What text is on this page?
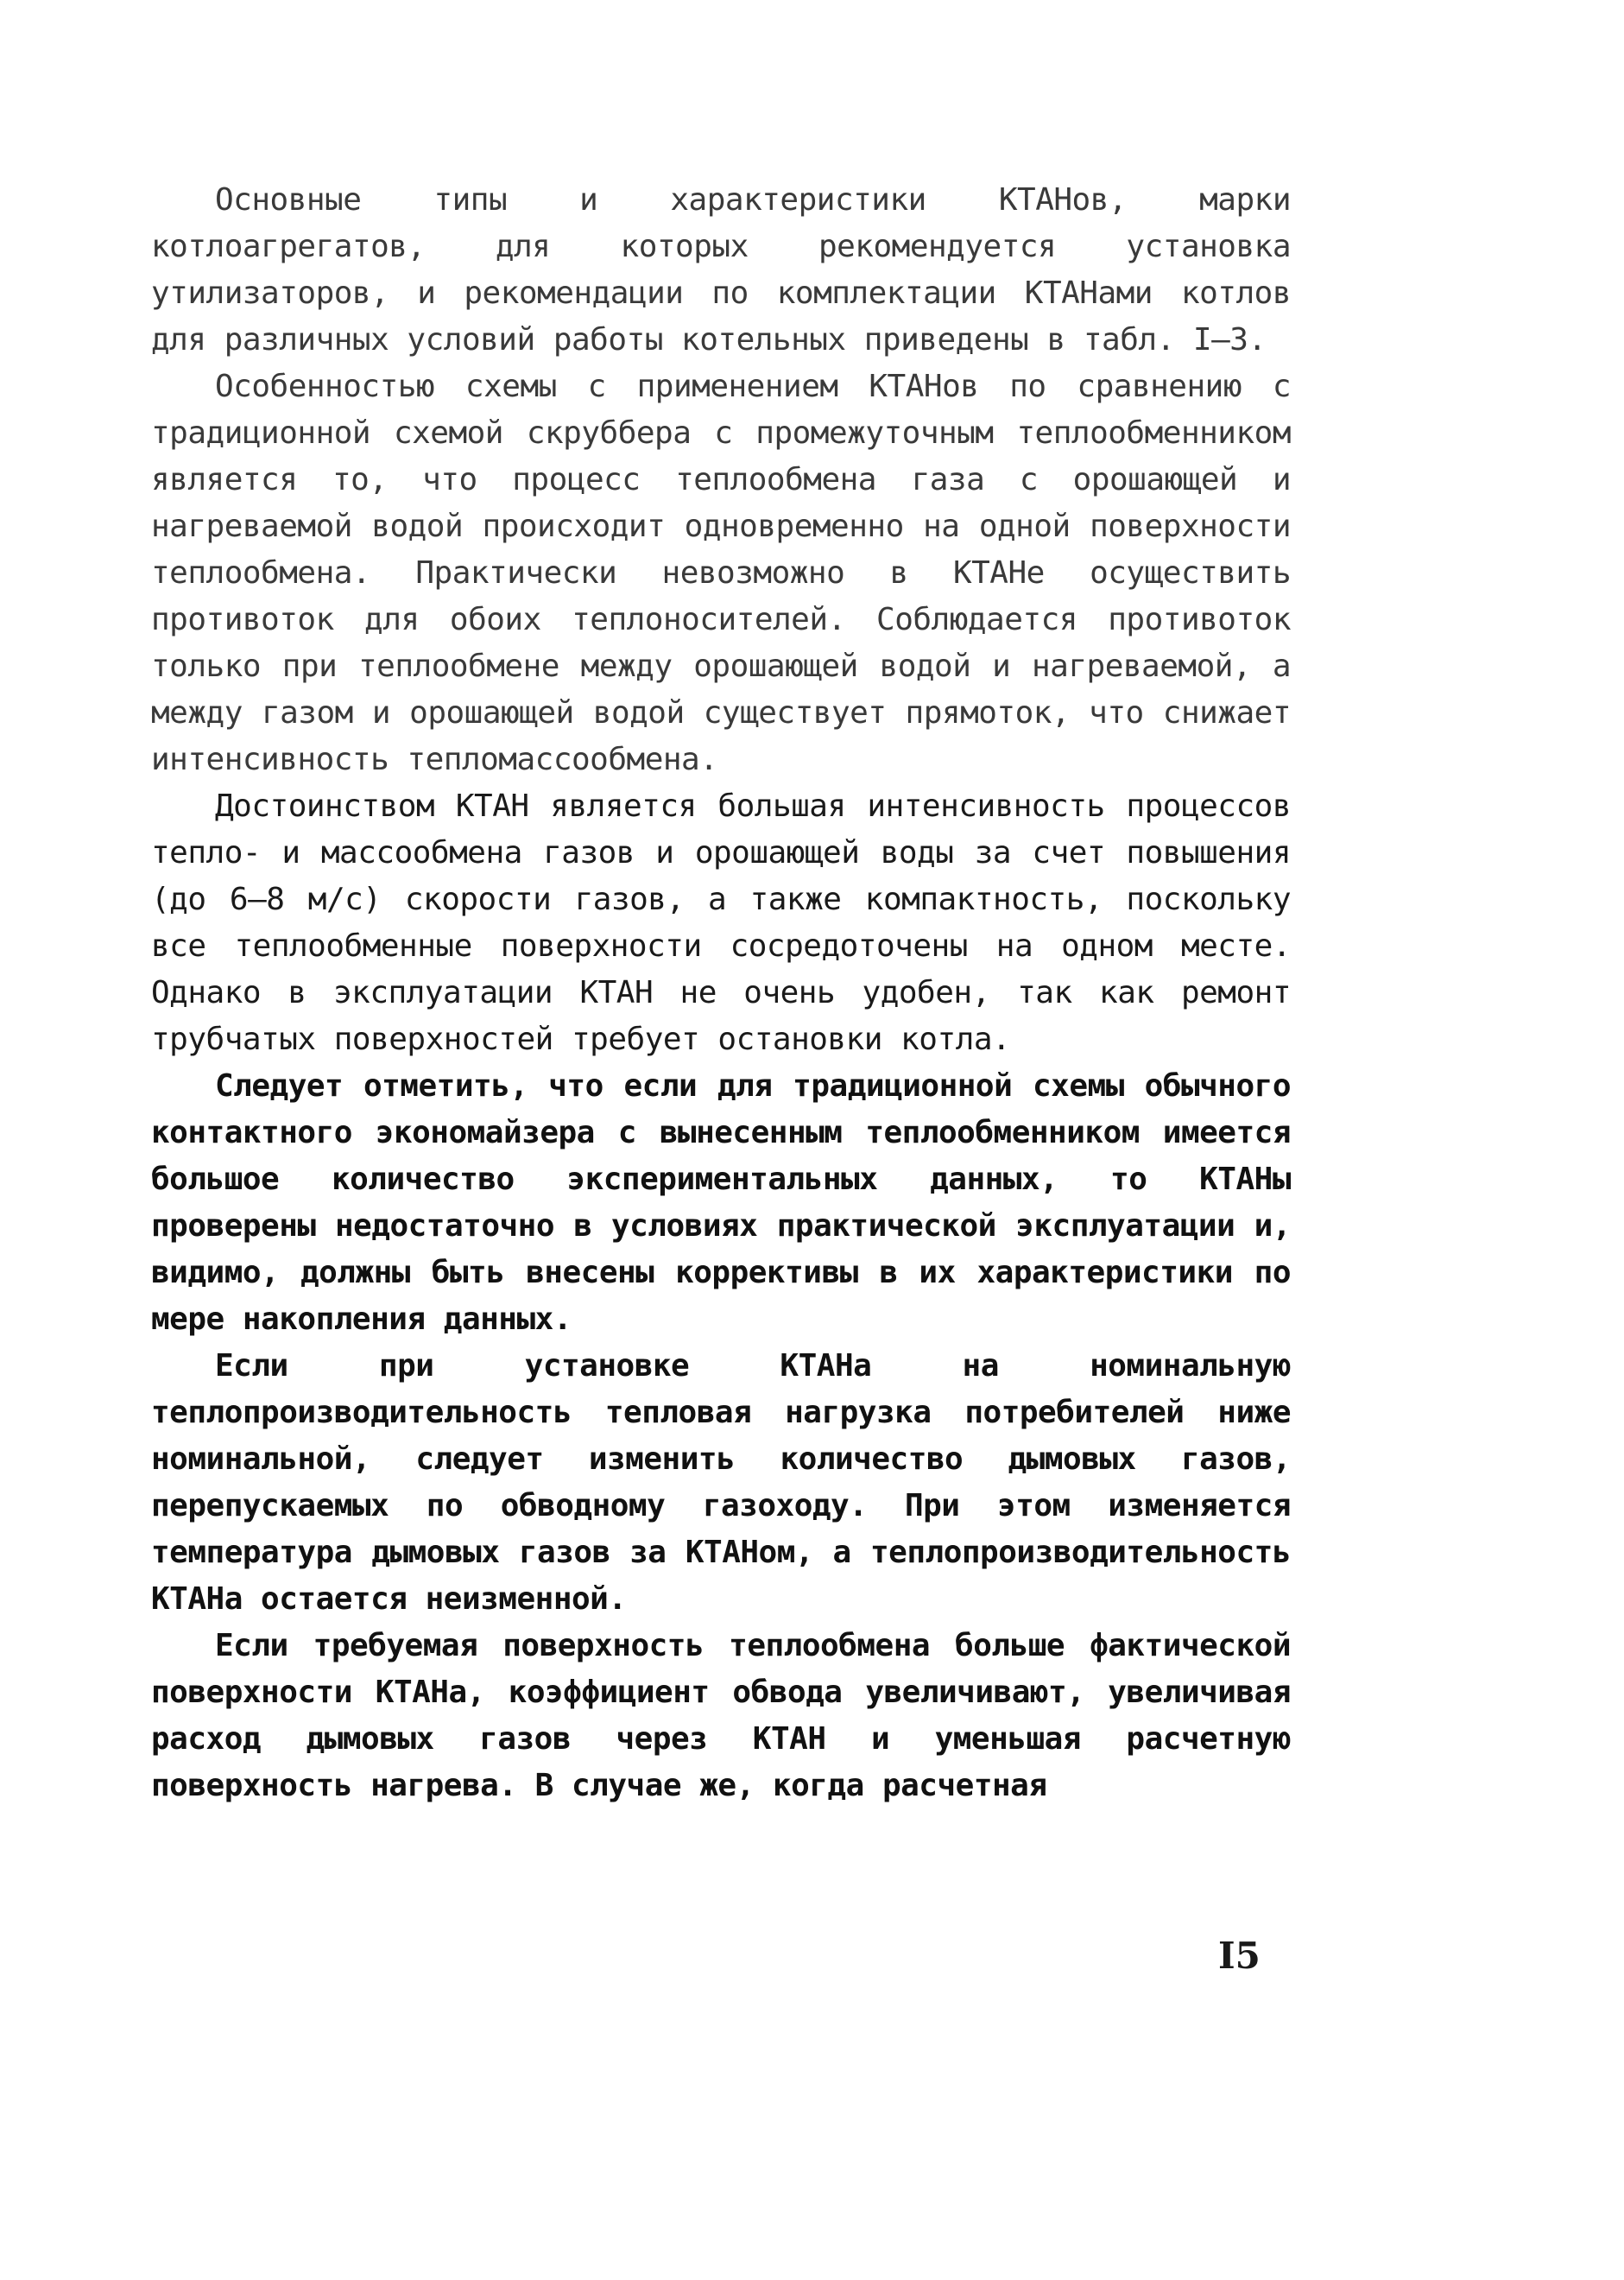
Основные типы и характеристики КТАНов, марки котлоагрегатов, для которых рекомендуется установка утилизаторов, и рекомендации по комплектации КТАНами котлов для различных условий работы котельных приведены в табл. I–3.

Особенностью схемы с применением КТАНов по сравнению с традиционной схемой скруббера с промежуточным теплообменником является то, что процесс теплообмена газа с орошающей и нагреваемой водой происходит одновременно на одной поверхности теплообмена. Практически невозможно в КТАНе осуществить противоток для обоих теплоносителей. Соблюдается противоток только при теплообмене между орошающей водой и нагреваемой, а между газом и орошающей водой существует прямоток, что снижает интенсивность тепломассообмена.

Достоинством КТАН является большая интенсивность процессов тепло- и массообмена газов и орошающей воды за счет повышения (до 6–8 м/с) скорости газов, а также компактность, поскольку все теплообменные поверхности сосредоточены на одном месте. Однако в эксплуатации КТАН не очень удобен, так как ремонт трубчатых поверхностей требует остановки котла.

Следует отметить, что если для традиционной схемы обычного контактного экономайзера с вынесенным теплообменником имеется большое количество экспериментальных данных, то КТАНы проверены недостаточно в условиях практической эксплуатации и, видимо, должны быть внесены коррективы в их характеристики по мере накопления данных.

Если при установке КТАНа на номинальную теплопроизводительность тепловая нагрузка потребителей ниже номинальной, следует изменить количество дымовых газов, перепускаемых по обводному газоходу. При этом изменяется температура дымовых газов за КТАНом, а теплопроизводительность КТАНа остается неизменной.

Если требуемая поверхность теплообмена больше фактической поверхности КТАНа, коэффициент обвода увеличивают, увеличивая расход дымовых газов через КТАН и уменьшая расчетную поверхность нагрева. В случае же, когда расчетная

I5
